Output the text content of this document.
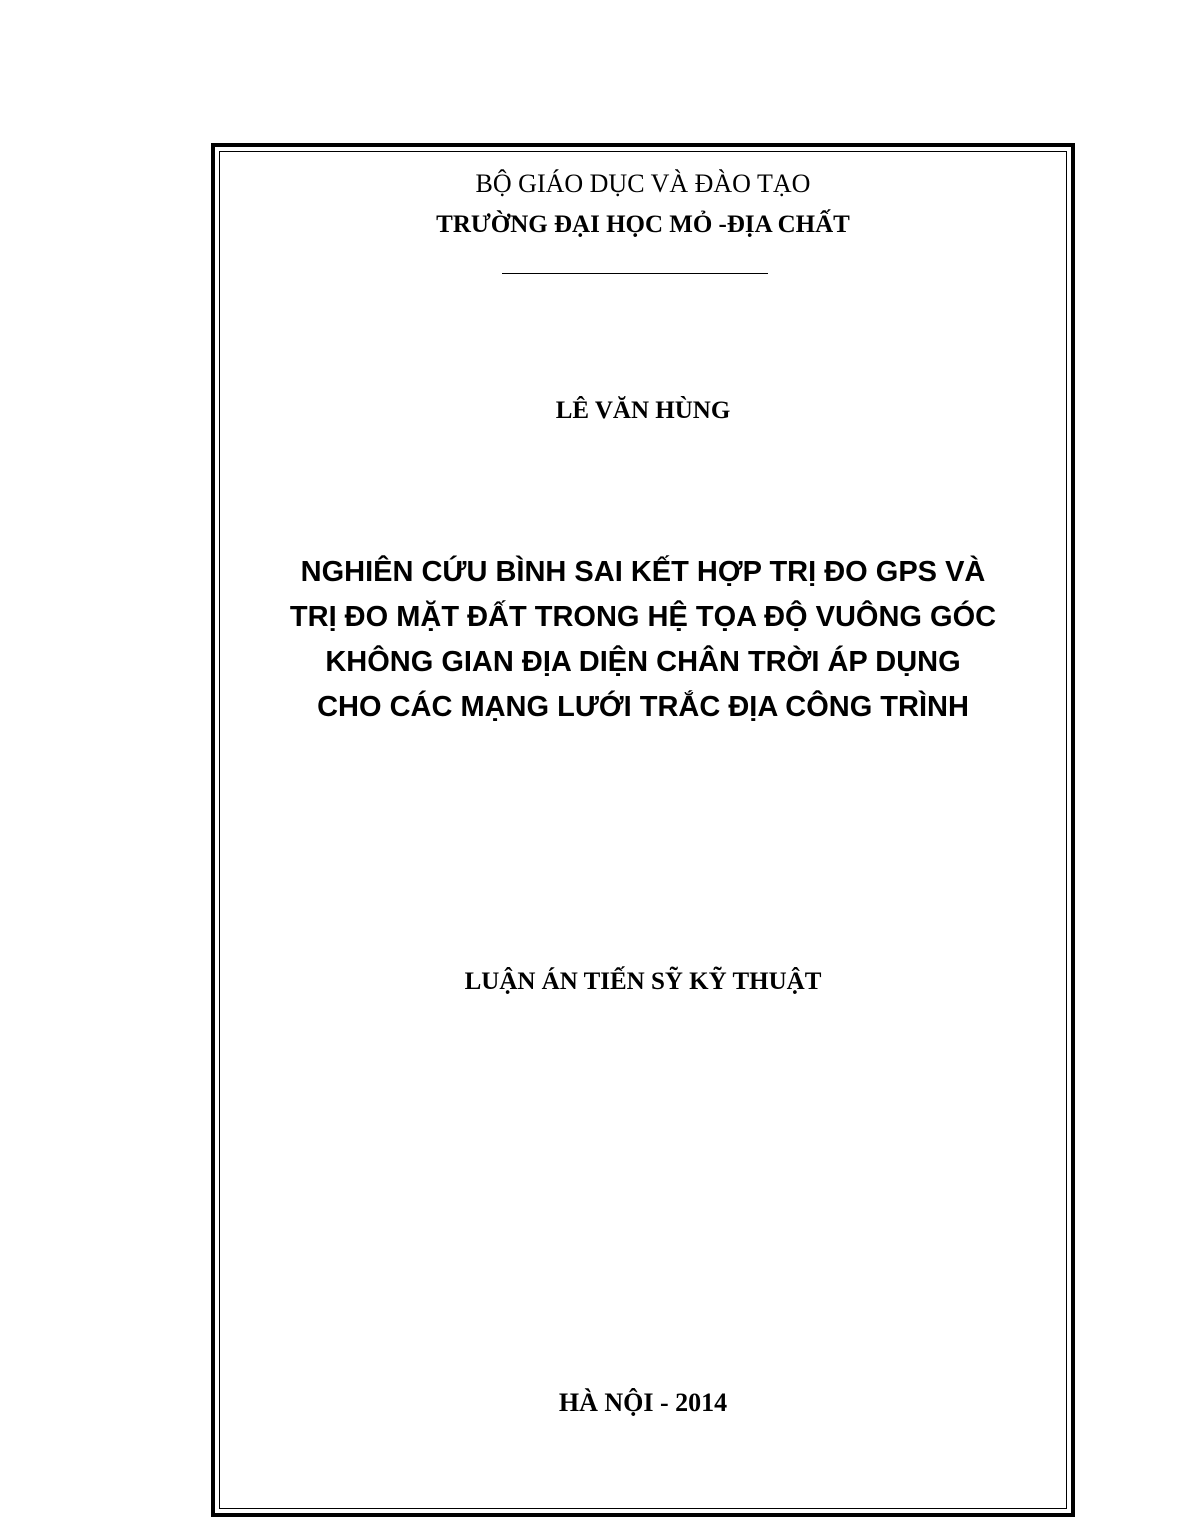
BỘ GIÁO DỤC VÀ ĐÀO TẠO
TRƯỜNG ĐẠI HỌC MỎ -ĐỊA CHẤT
LÊ VĂN HÙNG
NGHIÊN CỨU BÌNH SAI KẾT HỢP TRỊ ĐO GPS VÀ
TRỊ ĐO MẶT ĐẤT TRONG HỆ TỌA ĐỘ VUÔNG GÓC
KHÔNG GIAN ĐỊA DIỆN CHÂN TRỜI ÁP DỤNG
CHO CÁC MẠNG LƯỚI TRẮC ĐỊA CÔNG TRÌNH
LUẬN ÁN TIẾN SỸ KỸ THUẬT
HÀ NỘI - 2014
